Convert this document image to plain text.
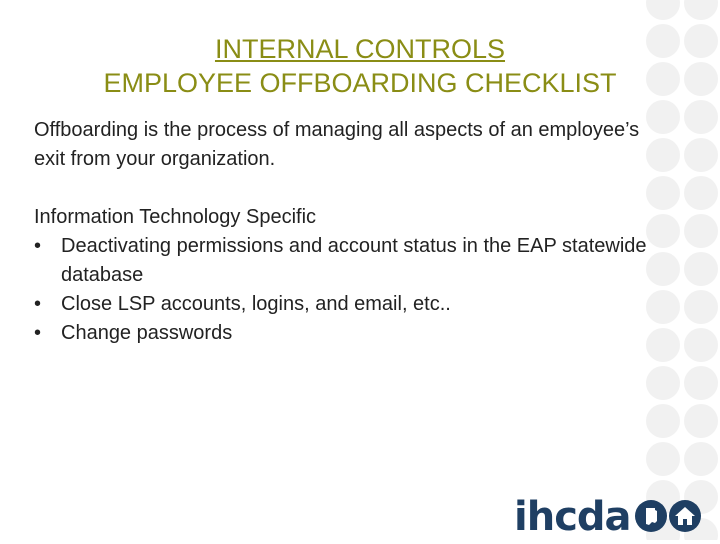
INTERNAL CONTROLS
EMPLOYEE OFFBOARDING CHECKLIST
Offboarding is the process of managing all aspects of an employee’s exit from your organization.
Information Technology Specific
• Deactivating permissions and account status in the EAP statewide database
• Close LSP accounts, logins, and email, etc..
• Change passwords
ihcda
